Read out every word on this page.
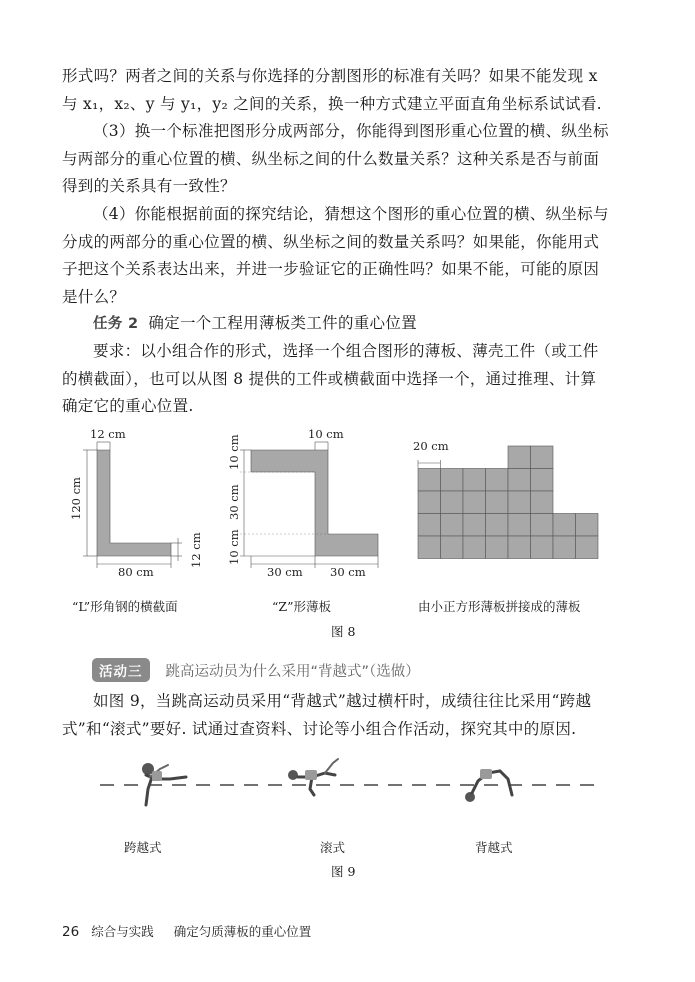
形式吗？两者之间的关系与你选择的分割图形的标准有关吗？如果不能发现 x
与 x₁，x₂、y 与 y₁，y₂ 之间的关系，换一种方式建立平面直角坐标系试试看.
（3）换一个标准把图形分成两部分，你能得到图形重心位置的横、纵坐标
与两部分的重心位置的横、纵坐标之间的什么数量关系？这种关系是否与前面
得到的关系具有一致性？
（4）你能根据前面的探究结论，猜想这个图形的重心位置的横、纵坐标与
分成的两部分的重心位置的横、纵坐标之间的数量关系吗？如果能，你能用式
子把这个关系表达出来，并进一步验证它的正确性吗？如果不能，可能的原因
是什么？
任务 2 确定一个工程用薄板类工件的重心位置
要求：以小组合作的形式，选择一个组合图形的薄板、薄壳工件（或工件
的横截面），也可以从图 8 提供的工件或横截面中选择一个，通过推理、计算
确定它的重心位置.
12 cm
120 cm
80 cm
12 cm
10 cm
10 cm
30 cm
10 cm
30 cm 30 cm
20 cm
“L”形角钢的横截面	“Z”形薄板	由小正方形薄板拼接成的薄板
图 8
活动三	跳高运动员为什么采用“背越式”（选做）
如图 9，当跳高运动员采用“背越式”越过横杆时，成绩往往比采用“跨越
式”和“滚式”要好. 试通过查资料、讨论等小组合作活动，探究其中的原因.
跨越式	滚式	背越式
图 9
26 综合与实践 确定匀质薄板的重心位置
